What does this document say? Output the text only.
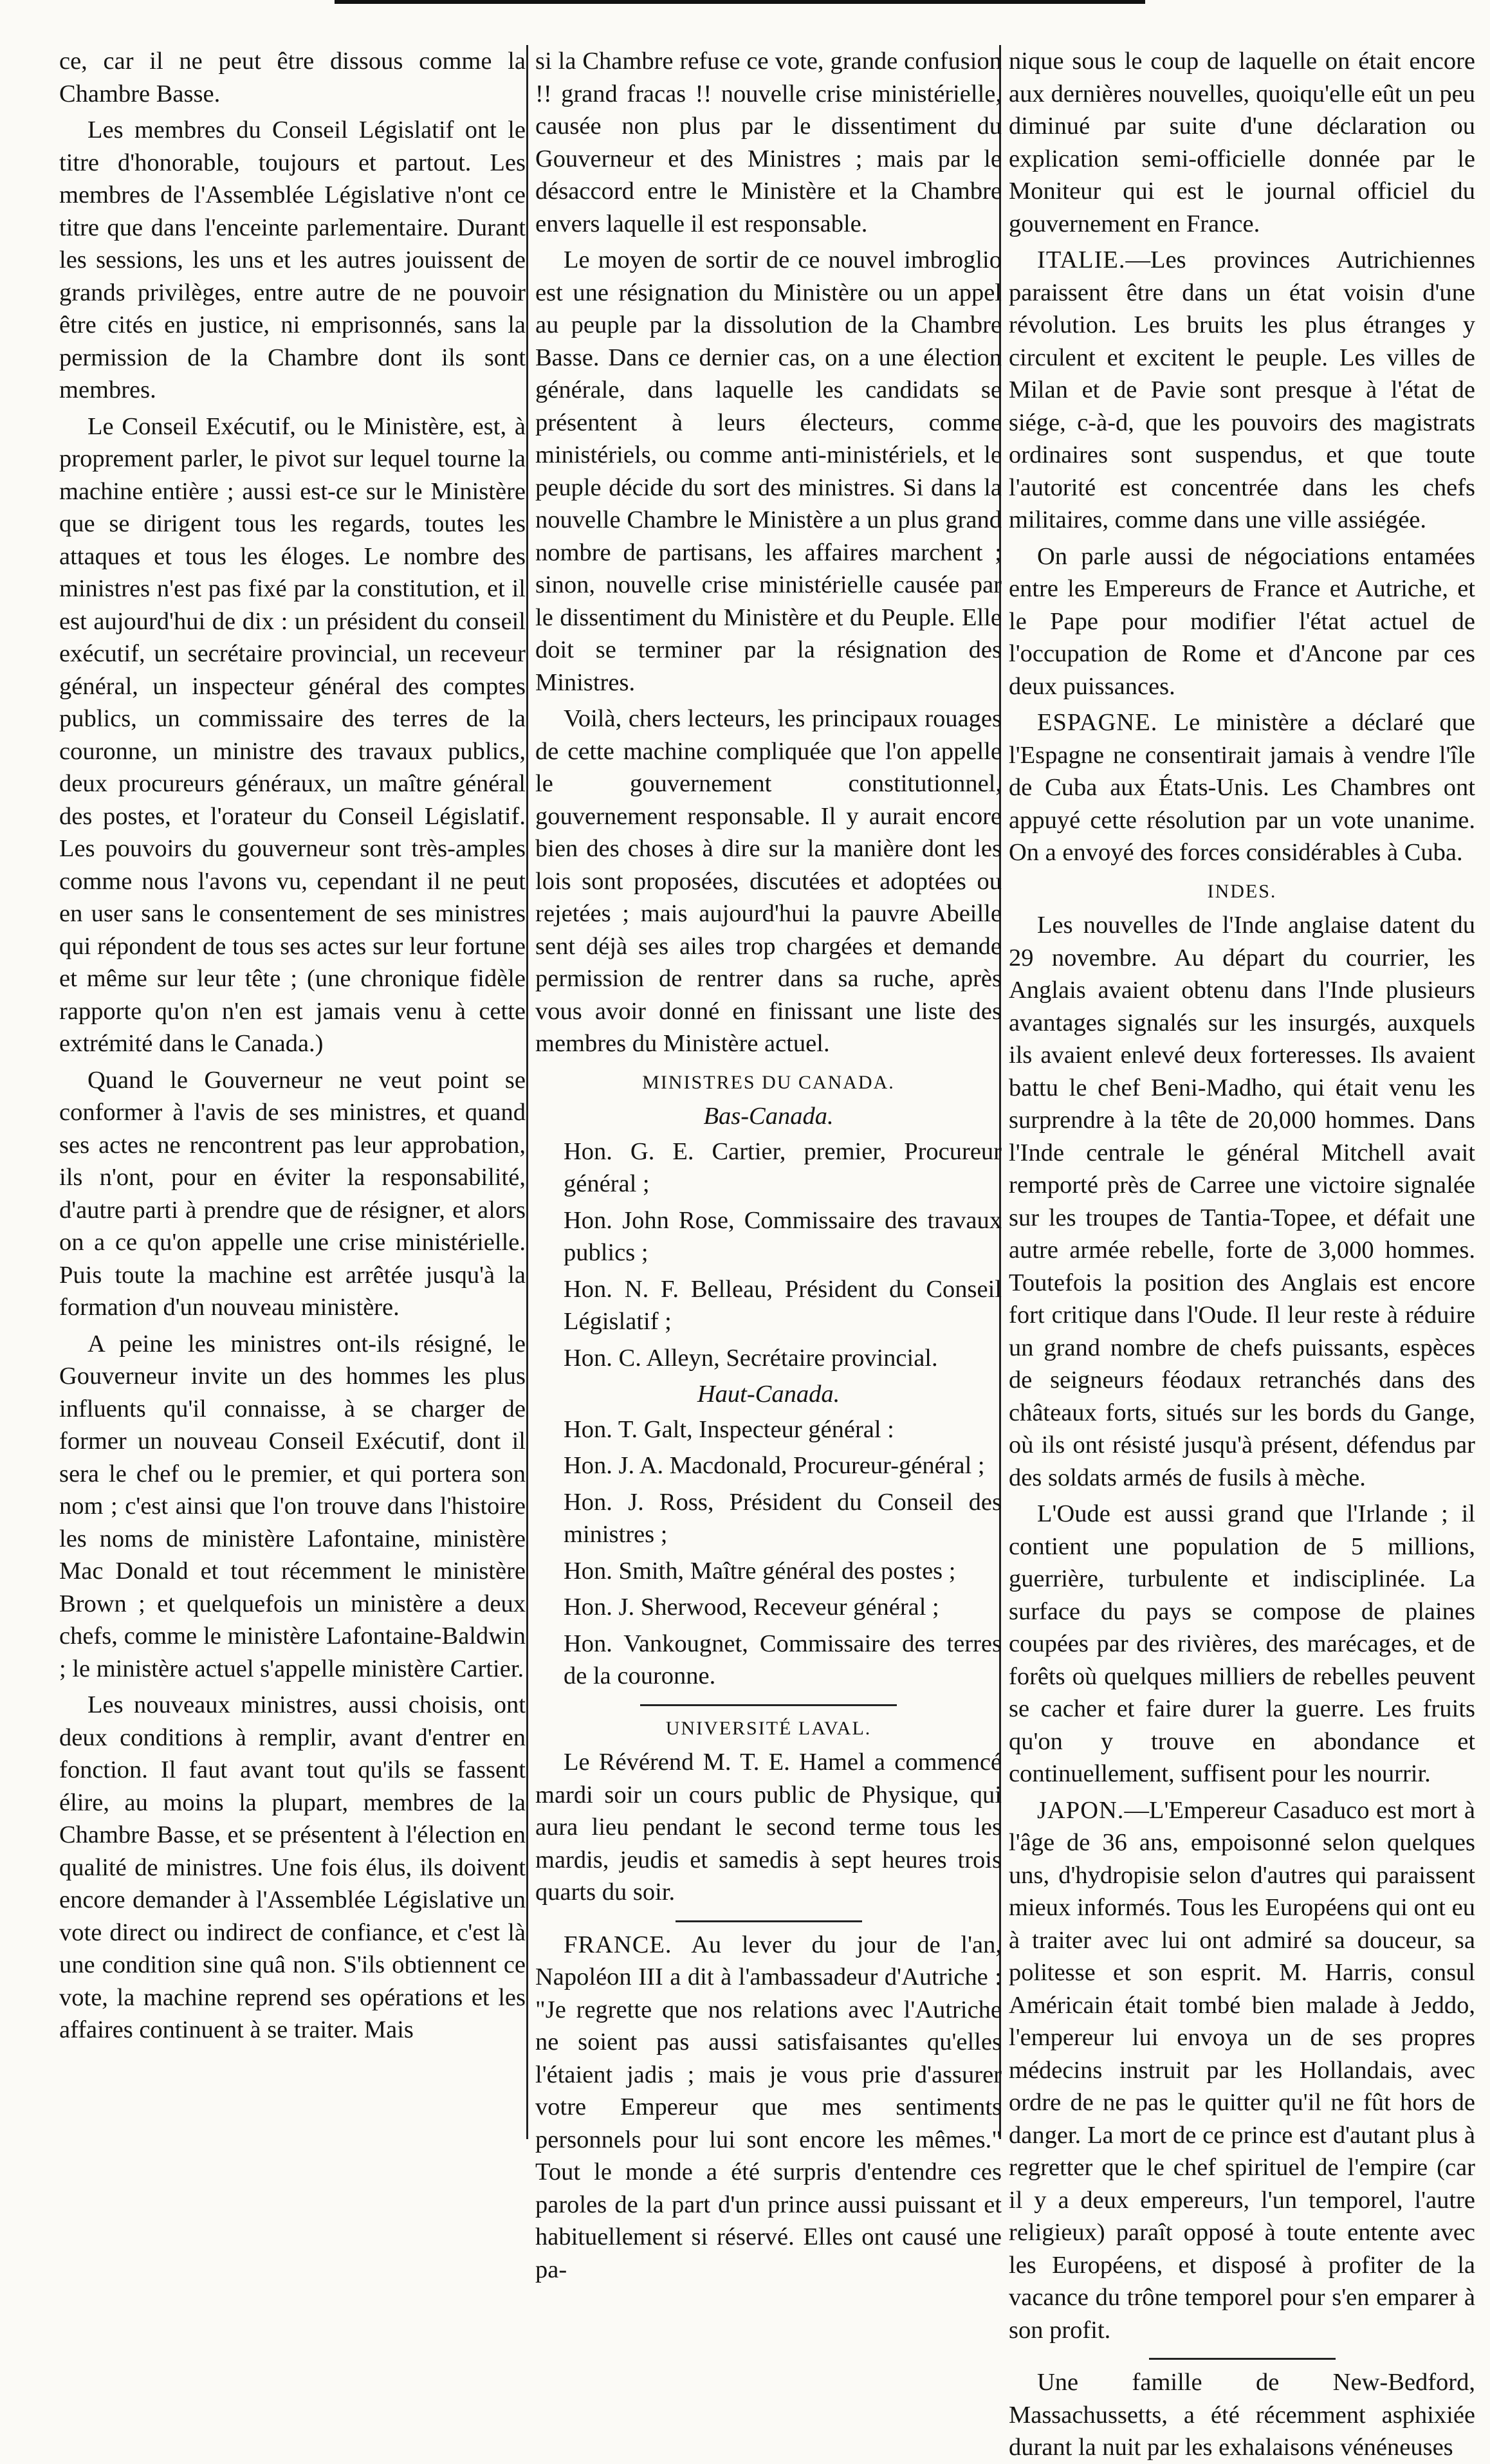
ce, car il ne peut être dissous comme la Chambre Basse.

Les membres du Conseil Législatif ont le titre d'honorable, toujours et partout. Les membres de l'Assemblée Législative n'ont ce titre que dans l'enceinte parlementaire. Durant les sessions, les uns et les autres jouissent de grands privilèges, entre autre de ne pouvoir être cités en justice, ni emprisonnés, sans la permission de la Chambre dont ils sont membres.

Le Conseil Exécutif, ou le Ministère, est, à proprement parler, le pivot sur lequel tourne la machine entière ; aussi est-ce sur le Ministère que se dirigent tous les regards, toutes les attaques et tous les éloges. Le nombre des ministres n'est pas fixé par la constitution, et il est aujourd'hui de dix : un président du conseil exécutif, un secrétaire provincial, un receveur général, un inspecteur général des comptes publics, un commissaire des terres de la couronne, un ministre des travaux publics, deux procureurs généraux, un maître général des postes, et l'orateur du Conseil Législatif. Les pouvoirs du gouverneur sont très-amples comme nous l'avons vu, cependant il ne peut en user sans le consentement de ses ministres qui répondent de tous ses actes sur leur fortune et même sur leur tête ; (une chronique fidèle rapporte qu'on n'en est jamais venu à cette extrémité dans le Canada.)

Quand le Gouverneur ne veut point se conformer à l'avis de ses ministres, et quand ses actes ne rencontrent pas leur approbation, ils n'ont, pour en éviter la responsabilité, d'autre parti à prendre que de résigner, et alors on a ce qu'on appelle une crise ministérielle. Puis toute la machine est arrêtée jusqu'à la formation d'un nouveau ministère.

A peine les ministres ont-ils résigné, le Gouverneur invite un des hommes les plus influents qu'il connaisse, à se charger de former un nouveau Conseil Exécutif, dont il sera le chef ou le premier, et qui portera son nom ; c'est ainsi que l'on trouve dans l'histoire les noms de ministère Lafontaine, ministère Mac Donald et tout récemment le ministère Brown ; et quelquefois un ministère a deux chefs, comme le ministère Lafontaine-Baldwin ; le ministère actuel s'appelle ministère Cartier.

Les nouveaux ministres, aussi choisis, ont deux conditions à remplir, avant d'entrer en fonction. Il faut avant tout qu'ils se fassent élire, au moins la plupart, membres de la Chambre Basse, et se présentent à l'élection en qualité de ministres. Une fois élus, ils doivent encore demander à l'Assemblée Législative un vote direct ou indirect de confiance, et c'est là une condition sine quâ non. S'ils obtiennent ce vote, la machine reprend ses opérations et les affaires continuent à se traiter. Mais

si la Chambre refuse ce vote, grande confusion !! grand fracas !! nouvelle crise ministérielle, causée non plus par le dissentiment du Gouverneur et des Ministres ; mais par le désaccord entre le Ministère et la Chambre envers laquelle il est responsable.

Le moyen de sortir de ce nouvel imbroglio est une résignation du Ministère ou un appel au peuple par la dissolution de la Chambre Basse. Dans ce dernier cas, on a une élection générale, dans laquelle les candidats se présentent à leurs électeurs, comme ministériels, ou comme anti-ministériels, et le peuple décide du sort des ministres. Si dans la nouvelle Chambre le Ministère a un plus grand nombre de partisans, les affaires marchent ; sinon, nouvelle crise ministérielle causée par le dissentiment du Ministère et du Peuple. Elle doit se terminer par la résignation des Ministres.

Voilà, chers lecteurs, les principaux rouages de cette machine compliquée que l'on appelle le gouvernement constitutionnel, gouvernement responsable. Il y aurait encore bien des choses à dire sur la manière dont les lois sont proposées, discutées et adoptées ou rejetées ; mais aujourd'hui la pauvre Abeille sent déjà ses ailes trop chargées et demande permission de rentrer dans sa ruche, après vous avoir donné en finissant une liste des membres du Ministère actuel.

MINISTRES DU CANADA.
Bas-Canada.

Hon. G. E. Cartier, premier, Procureur général ;

Hon. John Rose, Commissaire des travaux publics ;

Hon. N. F. Belleau, Président du Conseil Législatif ;

Hon. C. Alleyn, Secrétaire provincial.

Haut-Canada.

Hon. T. Galt, Inspecteur général :

Hon. J. A. Macdonald, Procureur-général ;

Hon. J. Ross, Président du Conseil des ministres ;

Hon. Smith, Maître général des postes ;

Hon. J. Sherwood, Receveur général ;

Hon. Vankougnet, Commissaire des terres de la couronne.

UNIVERSITÉ LAVAL.

Le Révérend M. T. E. Hamel a commencé mardi soir un cours public de Physique, qui aura lieu pendant le second terme tous les mardis, jeudis et samedis à sept heures trois quarts du soir.

FRANCE. Au lever du jour de l'an, Napoléon III a dit à l'ambassadeur d'Autriche : "Je regrette que nos relations avec l'Autriche ne soient pas aussi satisfaisantes qu'elles l'étaient jadis ; mais je vous prie d'assurer votre Empereur que mes sentiments personnels pour lui sont encore les mêmes." Tout le monde a été surpris d'entendre ces paroles de la part d'un prince aussi puissant et habituellement si réservé. Elles ont causé une pa-

nique sous le coup de laquelle on était encore aux dernières nouvelles, quoiqu'elle eût un peu diminué par suite d'une déclaration ou explication semi-officielle donnée par le Moniteur qui est le journal officiel du gouvernement en France.

ITALIE.—Les provinces Autrichiennes paraissent être dans un état voisin d'une révolution. Les bruits les plus étranges y circulent et excitent le peuple. Les villes de Milan et de Pavie sont presque à l'état de siége, c-à-d, que les pouvoirs des magistrats ordinaires sont suspendus, et que toute l'autorité est concentrée dans les chefs militaires, comme dans une ville assiégée.

On parle aussi de négociations entamées entre les Empereurs de France et Autriche, et le Pape pour modifier l'état actuel de l'occupation de Rome et d'Ancone par ces deux puissances.

ESPAGNE. Le ministère a déclaré que l'Espagne ne consentirait jamais à vendre l'île de Cuba aux États-Unis. Les Chambres ont appuyé cette résolution par un vote unanime. On a envoyé des forces considérables à Cuba.

INDES.

Les nouvelles de l'Inde anglaise datent du 29 novembre. Au départ du courrier, les Anglais avaient obtenu dans l'Inde plusieurs avantages signalés sur les insurgés, auxquels ils avaient enlevé deux forteresses. Ils avaient battu le chef Beni-Madho, qui était venu les surprendre à la tête de 20,000 hommes. Dans l'Inde centrale le général Mitchell avait remporté près de Carree une victoire signalée sur les troupes de Tantia-Topee, et défait une autre armée rebelle, forte de 3,000 hommes. Toutefois la position des Anglais est encore fort critique dans l'Oude. Il leur reste à réduire un grand nombre de chefs puissants, espèces de seigneurs féodaux retranchés dans des châteaux forts, situés sur les bords du Gange, où ils ont résisté jusqu'à présent, défendus par des soldats armés de fusils à mèche.

L'Oude est aussi grand que l'Irlande ; il contient une population de 5 millions, guerrière, turbulente et indisciplinée. La surface du pays se compose de plaines coupées par des rivières, des marécages, et de forêts où quelques milliers de rebelles peuvent se cacher et faire durer la guerre. Les fruits qu'on y trouve en abondance et continuellement, suffisent pour les nourrir.

JAPON.—L'Empereur Casaduco est mort à l'âge de 36 ans, empoisonné selon quelques uns, d'hydropisie selon d'autres qui paraissent mieux informés. Tous les Européens qui ont eu à traiter avec lui ont admiré sa douceur, sa politesse et son esprit. M. Harris, consul Américain était tombé bien malade à Jeddo, l'empereur lui envoya un de ses propres médecins instruit par les Hollandais, avec ordre de ne pas le quitter qu'il ne fût hors de danger. La mort de ce prince est d'autant plus à regretter que le chef spirituel de l'empire (car il y a deux empereurs, l'un temporel, l'autre religieux) paraît opposé à toute entente avec les Européens, et disposé à profiter de la vacance du trône temporel pour s'en emparer à son profit.

Une famille de New-Bedford, Massachussetts, a été récemment asphixiée durant la nuit par les exhalaisons vénéneuses
